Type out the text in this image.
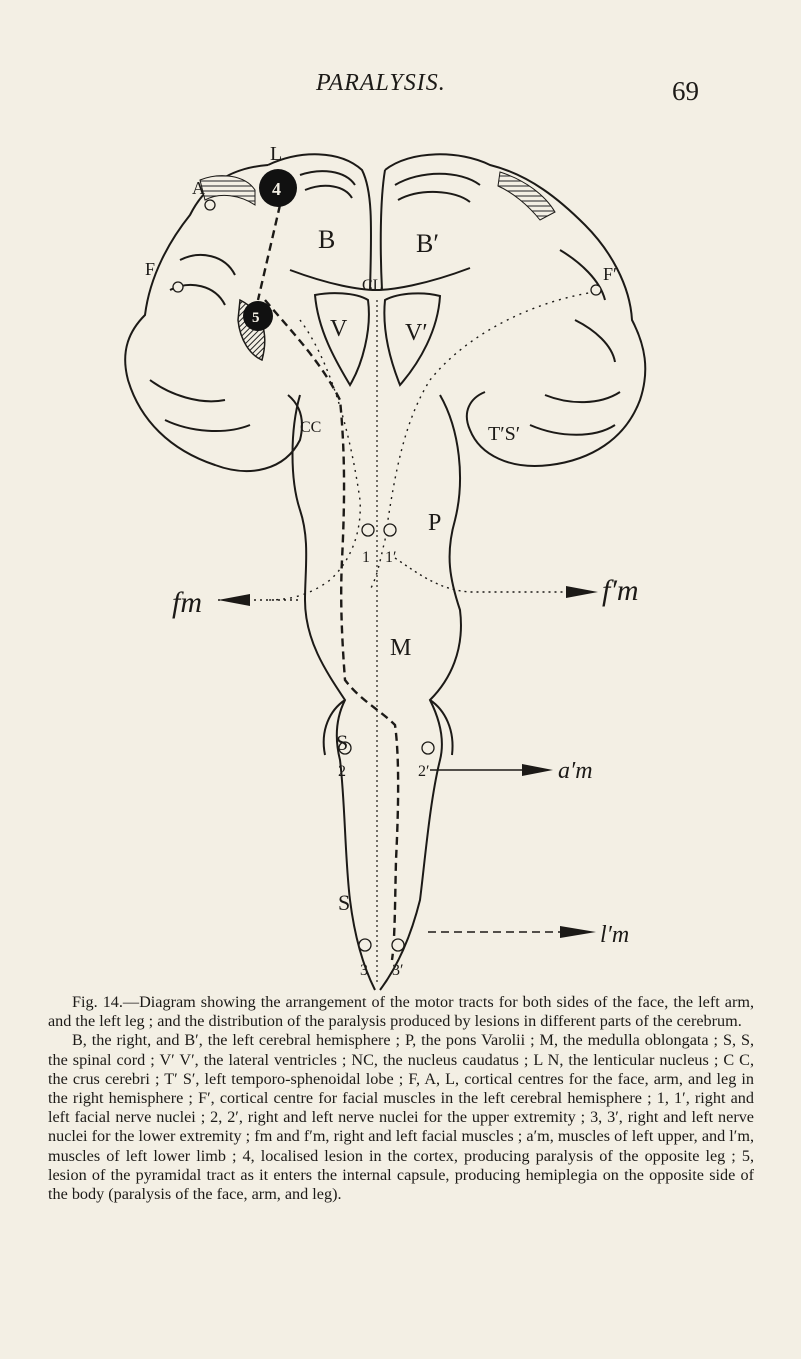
PARALYSIS.	69
L
A
F	F′
B	B′
CL
V V′
CC	T′S′
P
M
S
S
1 1′
2	2′
3 3′
4
5
fm	f′m
a′m
l′m

Fig. 14.—Diagram showing the arrangement of the motor tracts for both sides of the face, the left arm, and the left leg ; and the distribution of the paralysis produced by lesions in different parts of the cerebrum.

B, the right, and B′, the left cerebral hemisphere ; P, the pons Varolii ; M, the medulla oblongata ; S, S, the spinal cord ; V′ V′, the lateral ventricles ; NC, the nucleus caudatus ; L N, the lenticular nucleus ; C C, the crus cerebri ; T′ S′, left temporo-sphenoidal lobe ; F, A, L, cortical centres for the face, arm, and leg in the right hemisphere ; F′, cortical centre for facial muscles in the left cerebral hemisphere ; 1, 1′, right and left facial nerve nuclei ; 2, 2′, right and left nerve nuclei for the upper extremity ; 3, 3′, right and left nerve nuclei for the lower extremity ; fm and f′m, right and left facial muscles ; a′m, muscles of left upper, and l′m, muscles of left lower limb ; 4, localised lesion in the cortex, producing paralysis of the opposite leg ; 5, lesion of the pyramidal tract as it enters the internal capsule, producing hemiplegia on the opposite side of the body (paralysis of the face, arm, and leg).
